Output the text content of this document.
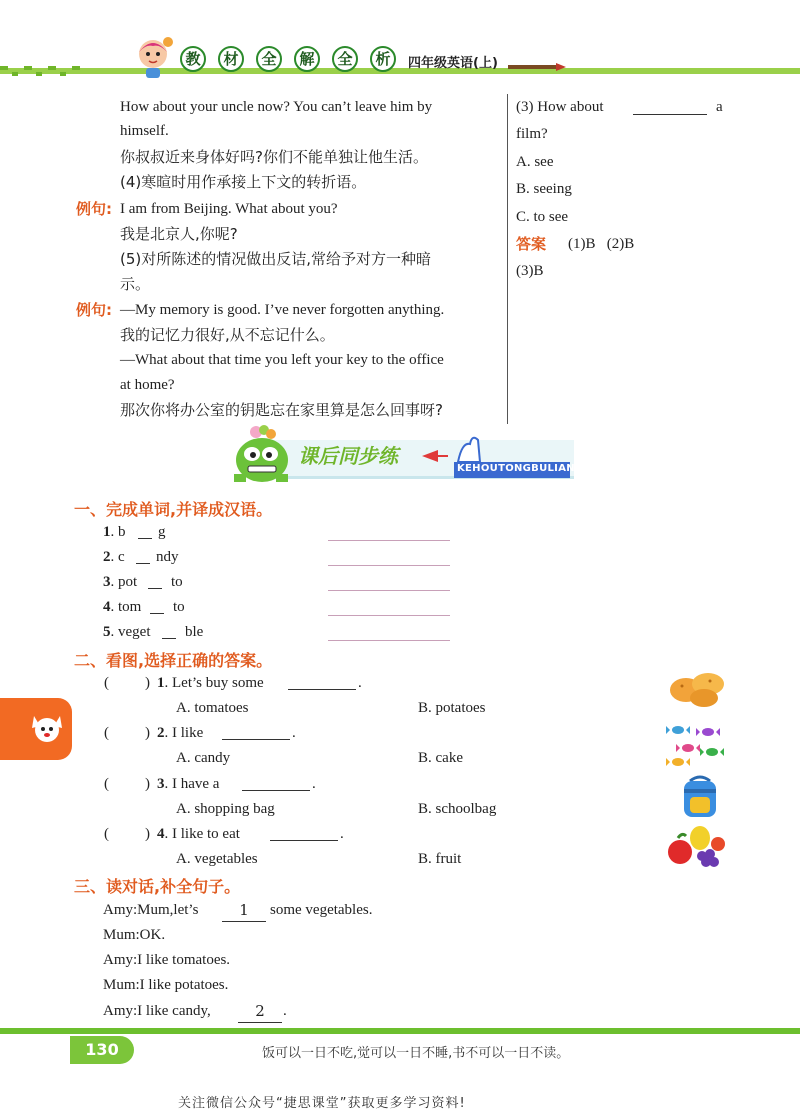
教	材	全	解	全	析	四年级英语(上)
How about your uncle now? You can’t leave him by
himself.
你叔叔近来身体好吗?你们不能单独让他生活。
(4)寒暄时用作承接上下文的转折语。
例句: I am from Beijing. What about you?
我是北京人,你呢?
(5)对所陈述的情况做出反诘,常给予对方一种暗
示。
例句: —My memory is good. I’ve never forgotten anything.
我的记忆力很好,从不忘记什么。
—What about that time you left your key to the office
at home?
那次你将办公室的钥匙忘在家里算是怎么回事呀?
(3) How about	a
film?
A. see
B. seeing
C. to see
答案 (1)B   (2)B
(3)B
课后同步练
KEHOUTONGBULIAN
一、完成单词,并译成汉语。
1. b g
2. c ndy
3. pot to
4. tom to
5. veget ble
二、看图,选择正确的答案。
( ) 1. Let’s buy some	.
A. tomatoes	B. potatoes
( ) 2. I like	.
A. candy	B. cake
( ) 3. I have a	.
A. shopping bag	B. schoolbag
( ) 4. I like to eat	.
A. vegetables	B. fruit
三、读对话,补全句子。
Amy:Mum,let’s	1	some vegetables.
Mum:OK.
Amy:I like tomatoes.
Mum:I like potatoes.
Amy:I like candy,	2	.
130	饭可以一日不吃,觉可以一日不睡,书不可以一日不读。
关注微信公众号“捷思课堂”获取更多学习资料!
